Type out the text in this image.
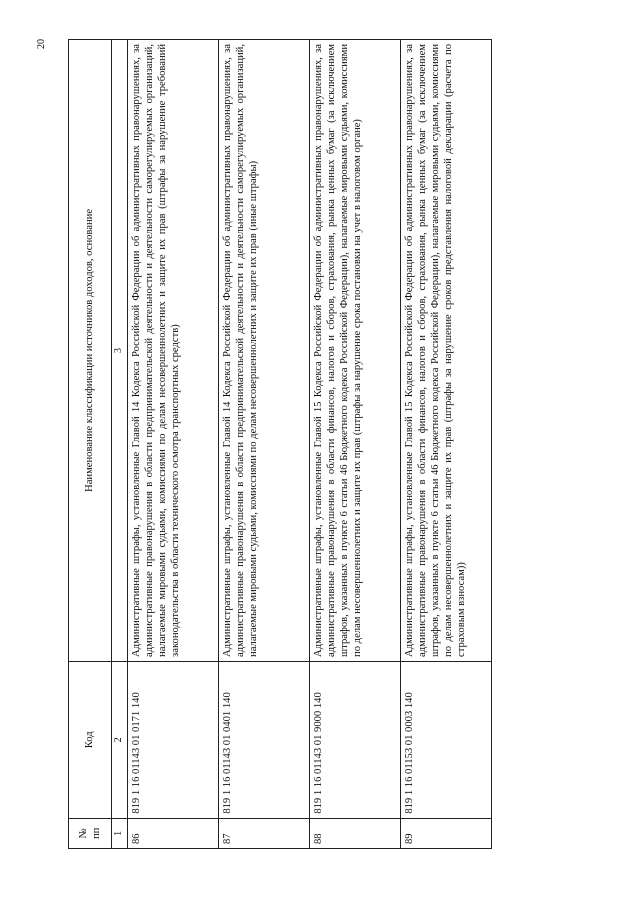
20
№ пп	Код	Наименование классификации источников доходов, основание
1	2	3
86	819 1 16 01143 01 0171 140	Административные штрафы, установленные Главой 14 Кодекса Российской Федерации об административных правонарушениях, за административные правонарушения в области предпринимательской деятельности и деятельности саморегулируемых организаций, налагаемые мировыми судьями, комиссиями по делам несовершеннолетних и защите их прав (штрафы за нарушение требований законодательства в области технического осмотра транспортных средств)
87	819 1 16 01143 01 0401 140	Административные штрафы, установленные Главой 14 Кодекса Российской Федерации об административных правонарушениях, за административные правонарушения в области предпринимательской деятельности и деятельности саморегулируемых организаций, налагаемые мировыми судьями, комиссиями по делам несовершеннолетних и защите их прав (иные штрафы)
88	819 1 16 01143 01 9000 140	Административные штрафы, установленные Главой 15 Кодекса Российской Федерации об административных правонарушениях, за административные правонарушения в области финансов, налогов и сборов, страхования, рынка ценных бумаг (за исключением штрафов, указанных в пункте 6 статьи 46 Бюджетного кодекса Российской Федерации), налагаемые мировыми судьями, комиссиями по делам несовершеннолетних и защите их прав (штрафы за нарушение срока постановки на учет в налоговом органе)
89	819 1 16 01153 01 0003 140	Административные штрафы, установленные Главой 15 Кодекса Российской Федерации об административных правонарушениях, за административные правонарушения в области финансов, налогов и сборов, страхования, рынка ценных бумаг (за исключением штрафов, указанных в пункте 6 статьи 46 Бюджетного кодекса Российской Федерации), налагаемые мировыми судьями, комиссиями по делам несовершеннолетних и защите их прав (штрафы за нарушение сроков представления налоговой декларации (расчета по страховым взносам))
